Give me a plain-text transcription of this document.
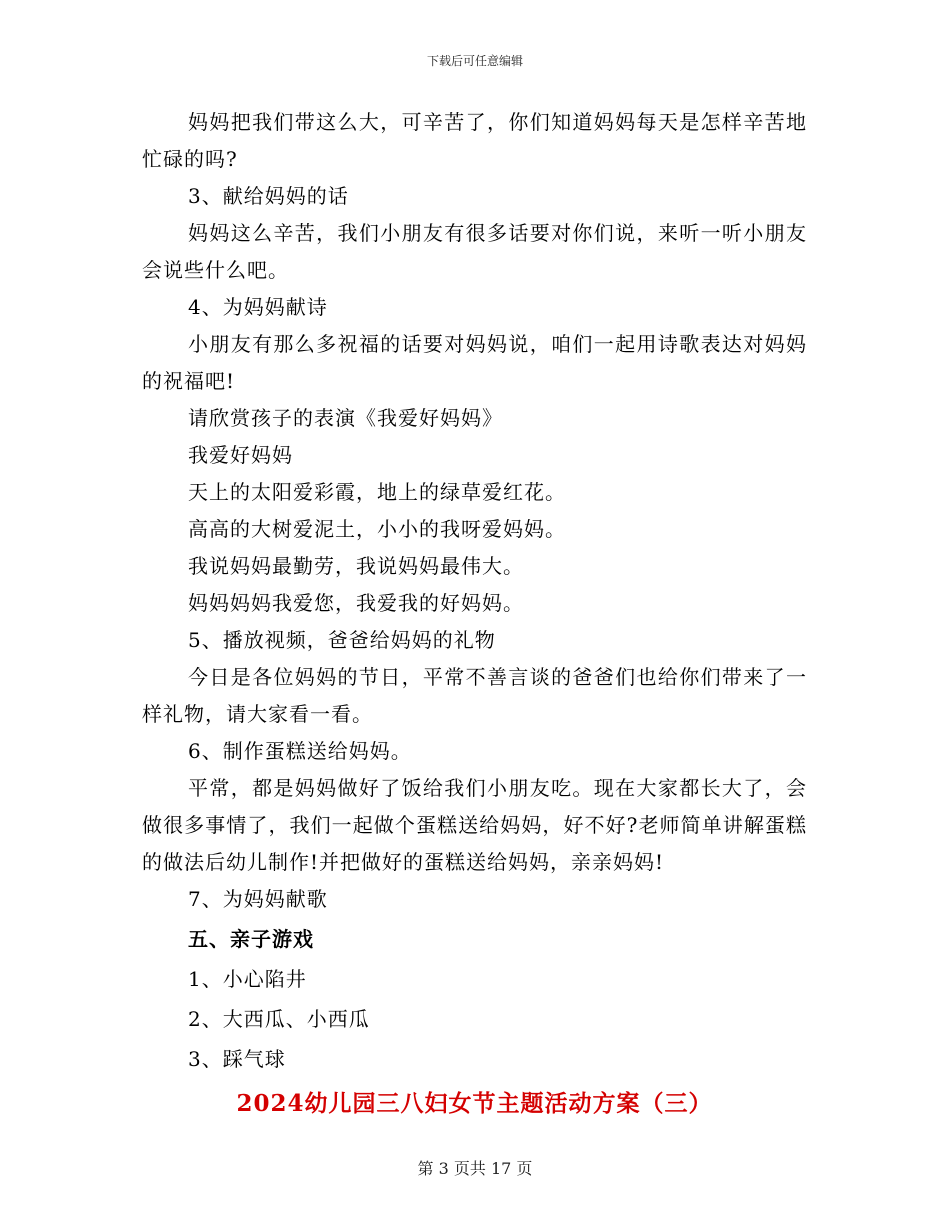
下载后可任意编辑

妈妈把我们带这么大，可辛苦了，你们知道妈妈每天是怎样辛苦地忙碌的吗?

3、献给妈妈的话

妈妈这么辛苦，我们小朋友有很多话要对你们说，来听一听小朋友会说些什么吧。

4、为妈妈献诗

小朋友有那么多祝福的话要对妈妈说，咱们一起用诗歌表达对妈妈的祝福吧!

请欣赏孩子的表演《我爱好妈妈》

我爱好妈妈

天上的太阳爱彩霞，地上的绿草爱红花。

高高的大树爱泥土，小小的我呀爱妈妈。

我说妈妈最勤劳，我说妈妈最伟大。

妈妈妈妈我爱您，我爱我的好妈妈。

5、播放视频，爸爸给妈妈的礼物

今日是各位妈妈的节日，平常不善言谈的爸爸们也给你们带来了一样礼物，请大家看一看。

6、制作蛋糕送给妈妈。

平常，都是妈妈做好了饭给我们小朋友吃。现在大家都长大了，会做很多事情了，我们一起做个蛋糕送给妈妈，好不好?老师简单讲解蛋糕的做法后幼儿制作!并把做好的蛋糕送给妈妈，亲亲妈妈!

7、为妈妈献歌

五、亲子游戏

1、小心陷井

2、大西瓜、小西瓜

3、踩气球

2024幼儿园三八妇女节主题活动方案（三）

第 3 页共 17 页
